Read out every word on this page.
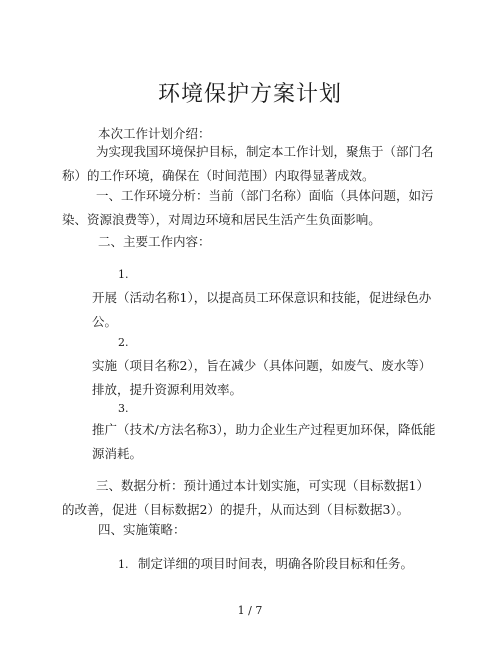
环境保护方案计划

本次工作计划介绍：

为实现我国环境保护目标，制定本工作计划，聚焦于（部门名称）的工作环境，确保在（时间范围）内取得显著成效。

一、工作环境分析：当前（部门名称）面临（具体问题，如污染、资源浪费等），对周边环境和居民生活产生负面影响。

二、主要工作内容：

1.

开展（活动名称1），以提高员工环保意识和技能，促进绿色办公。

2.

实施（项目名称2），旨在减少（具体问题，如废气、废水等）排放，提升资源利用效率。

3.

推广（技术/方法名称3），助力企业生产过程更加环保，降低能源消耗。

三、数据分析：预计通过本计划实施，可实现（目标数据1）的改善，促进（目标数据2）的提升，从而达到（目标数据3）。

四、实施策略：

1. 制定详细的项目时间表，明确各阶段目标和任务。

1 / 7
